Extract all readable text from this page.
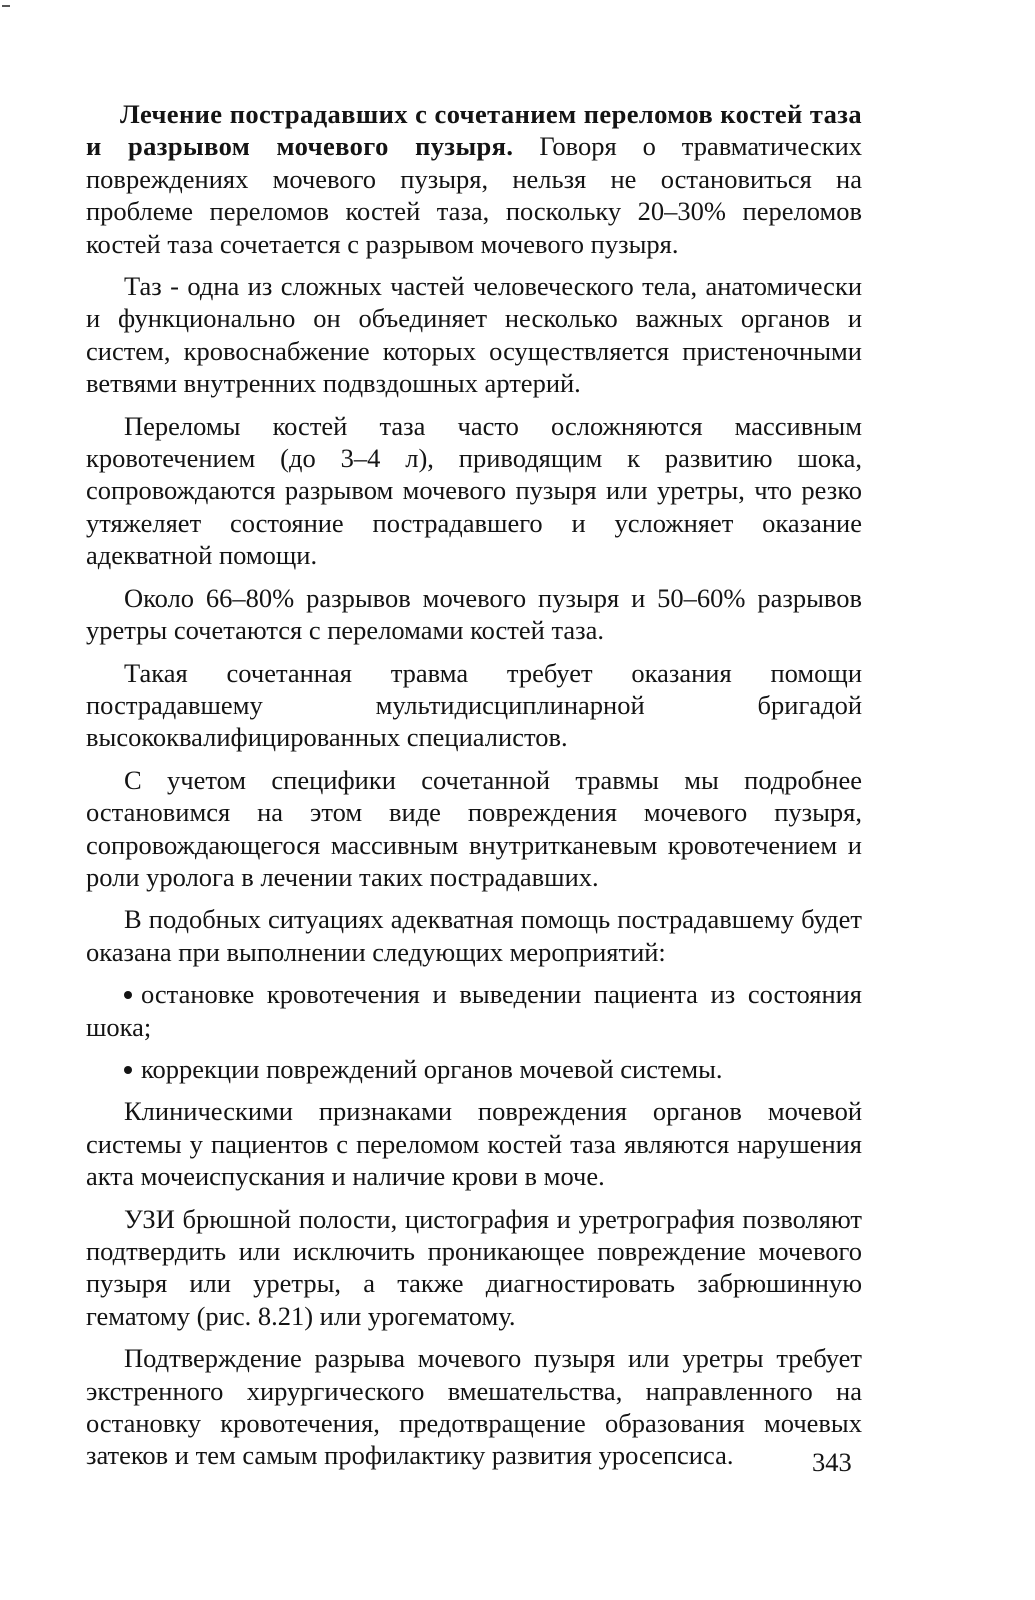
Лечение пострадавших с сочетанием переломов костей таза и разрывом мочевого пузыря. Говоря о травматических повреждениях мочевого пузыря, нельзя не остановиться на проблеме переломов костей таза, поскольку 20–30% переломов костей таза сочетается с разрывом мочевого пузыря.

Таз - одна из сложных частей человеческого тела, анатомически и функционально он объединяет несколько важных органов и систем, кровоснабжение которых осуществляется пристеночными ветвями внутренних подвздошных артерий.

Переломы костей таза часто осложняются массивным кровотечением (до 3–4 л), приводящим к развитию шока, сопровождаются разрывом мочевого пузыря или уретры, что резко утяжеляет состояние пострадавшего и усложняет оказание адекватной помощи.

Около 66–80% разрывов мочевого пузыря и 50–60% разрывов уретры сочетаются с переломами костей таза.

Такая сочетанная травма требует оказания помощи пострадавшему мультидисциплинарной бригадой высококвалифицированных специалистов.

С учетом специфики сочетанной травмы мы подробнее остановимся на этом виде повреждения мочевого пузыря, сопровождающегося массивным внутритканевым кровотечением и роли уролога в лечении таких пострадавших.

В подобных ситуациях адекватная помощь пострадавшему будет оказана при выполнении следующих мероприятий:

остановке кровотечения и выведении пациента из состояния шока;
коррекции повреждений органов мочевой системы.

Клиническими признаками повреждения органов мочевой системы у пациентов с переломом костей таза являются нарушения акта мочеиспускания и наличие крови в моче.

УЗИ брюшной полости, цистография и уретрография позволяют подтвердить или исключить проникающее повреждение мочевого пузыря или уретры, а также диагностировать забрюшинную гематому (рис. 8.21) или урогематому.

Подтверждение разрыва мочевого пузыря или уретры требует экстренного хирургического вмешательства, направленного на остановку кровотечения, предотвращение образования мочевых затеков и тем самым профилактику развития уросепсиса.	343
